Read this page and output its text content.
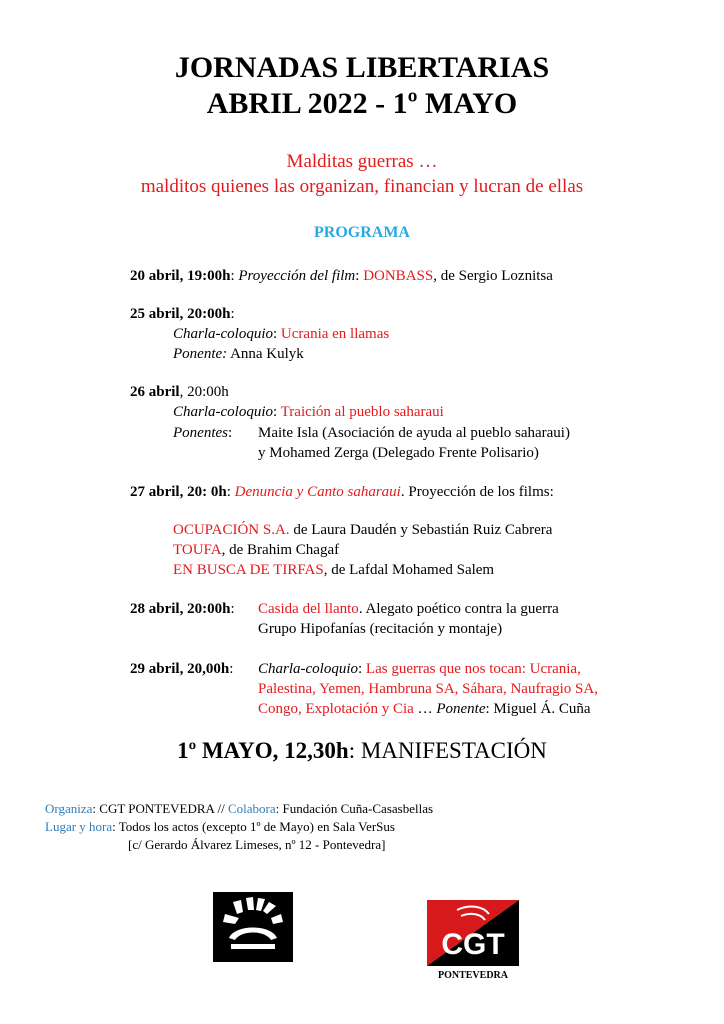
JORNADAS LIBERTARIAS
ABRIL 2022 - 1º MAYO
Malditas guerras …
malditos quienes las organizan, financian y lucran de ellas
PROGRAMA
20 abril, 19:00h: Proyección del film: DONBASS, de Sergio Loznitsa
25 abril, 20:00h:
Charla-coloquio: Ucrania en llamas
Ponente: Anna Kulyk
26 abril, 20:00h
Charla-coloquio: Traición al pueblo saharaui
Ponentes: Maite Isla (Asociación de ayuda al pueblo saharaui)
y Mohamed Zerga (Delegado Frente Polisario)
27 abril, 20: 0h: Denuncia y Canto saharaui. Proyección de los films:
OCUPACIÓN S.A. de Laura Daudén y Sebastián Ruiz Cabrera
TOUFA, de Brahim Chagaf
EN BUSCA DE TIRFAS, de Lafdal Mohamed Salem
28 abril, 20:00h: Casida del llanto. Alegato poético contra la guerra
Grupo Hipofanías (recitación y montaje)
29 abril, 20,00h: Charla-coloquio: Las guerras que nos tocan: Ucrania,
Palestina, Yemen, Hambruna SA, Sáhara, Naufragio SA,
Congo, Explotación y Cia … Ponente: Miguel Á. Cuña
1º MAYO, 12,30h: MANIFESTACIÓN
Organiza: CGT PONTEVEDRA // Colabora: Fundación Cuña-Casasbellas
Lugar y hora: Todos los actos (excepto 1º de Mayo) en Sala VerSus
[c/ Gerardo Álvarez Limeses, nº 12 - Pontevedra]
CGT
PONTEVEDRA
